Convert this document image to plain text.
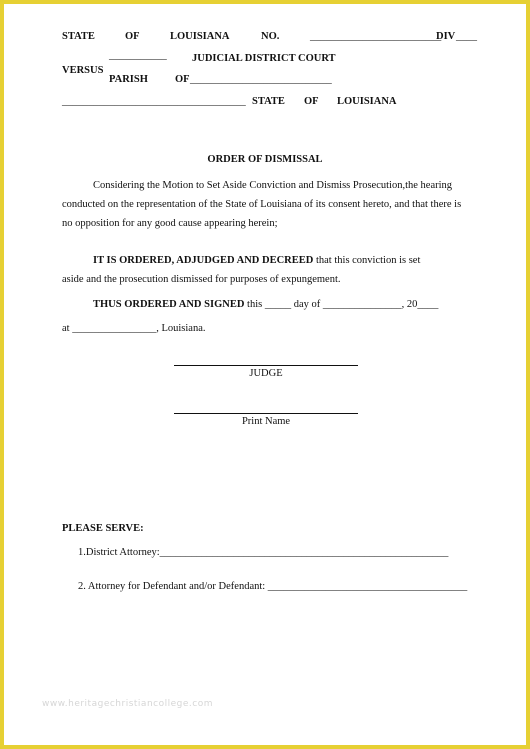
STATE	OF	LOUISIANA	NO.	_________________________
DIV ____
___________ JUDICIAL DISTRICT COURT
VERSUS
PARISH	OF ___________________________
___________________________________ STATE OF LOUISIANA
ORDER OF DISMISSAL
Considering the Motion to Set Aside Conviction and Dismiss Prosecution,the hearing
conducted on the representation of the State of Louisiana of its consent hereto, and that there is
no opposition for any good cause appearing herein;
IT IS ORDERED, ADJUDGED AND DECREED that this conviction is set
aside and the prosecution dismissed for purposes of expungement.
THUS ORDERED AND SIGNED this _____ day of _______________, 20____
at ________________, Louisiana.
JUDGE
Print Name
PLEASE SERVE:
1.District Attorney:_______________________________________________________
2. Attorney for Defendant and/or Defendant: ______________________________________
www.heritagechristiancollege.com
